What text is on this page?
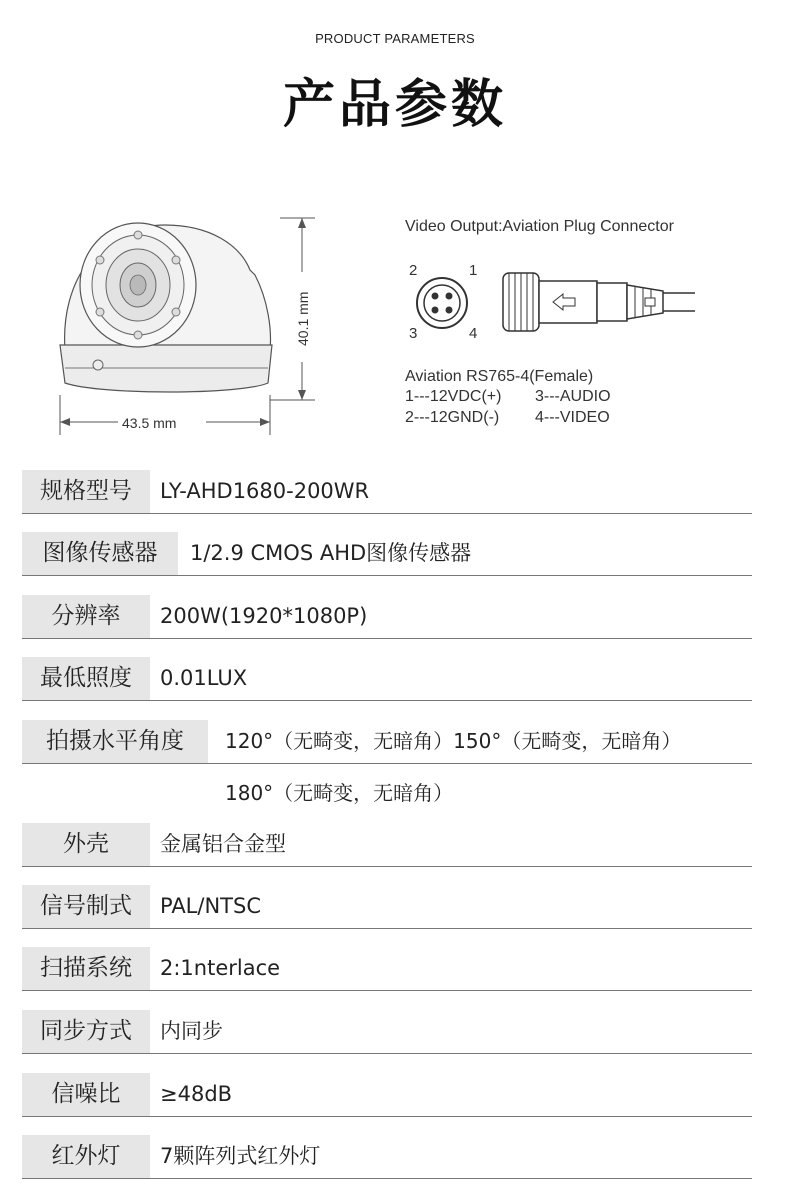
PRODUCT PARAMETERS
产品参数
40.1 mm
43.5 mm
Video Output:Aviation Plug Connector
2	1
3	4
Aviation RS765-4(Female)
1---12VDC(+) 3---AUDIO
2---12GND(-) 4---VIDEO
规格型号	LY-AHD1680-200WR
图像传感器	1/2.9 CMOS AHD图像传感器
分辨率	200W(1920*1080P)
最低照度	0.01LUX
拍摄水平角度	120°（无畸变，无暗角）150°（无畸变，无暗角）
180°（无畸变，无暗角）
外壳	金属铝合金型
信号制式	PAL/NTSC
扫描系统	2:1nterlace
同步方式	内同步
信噪比	≥48dB
红外灯	7颗阵列式红外灯
